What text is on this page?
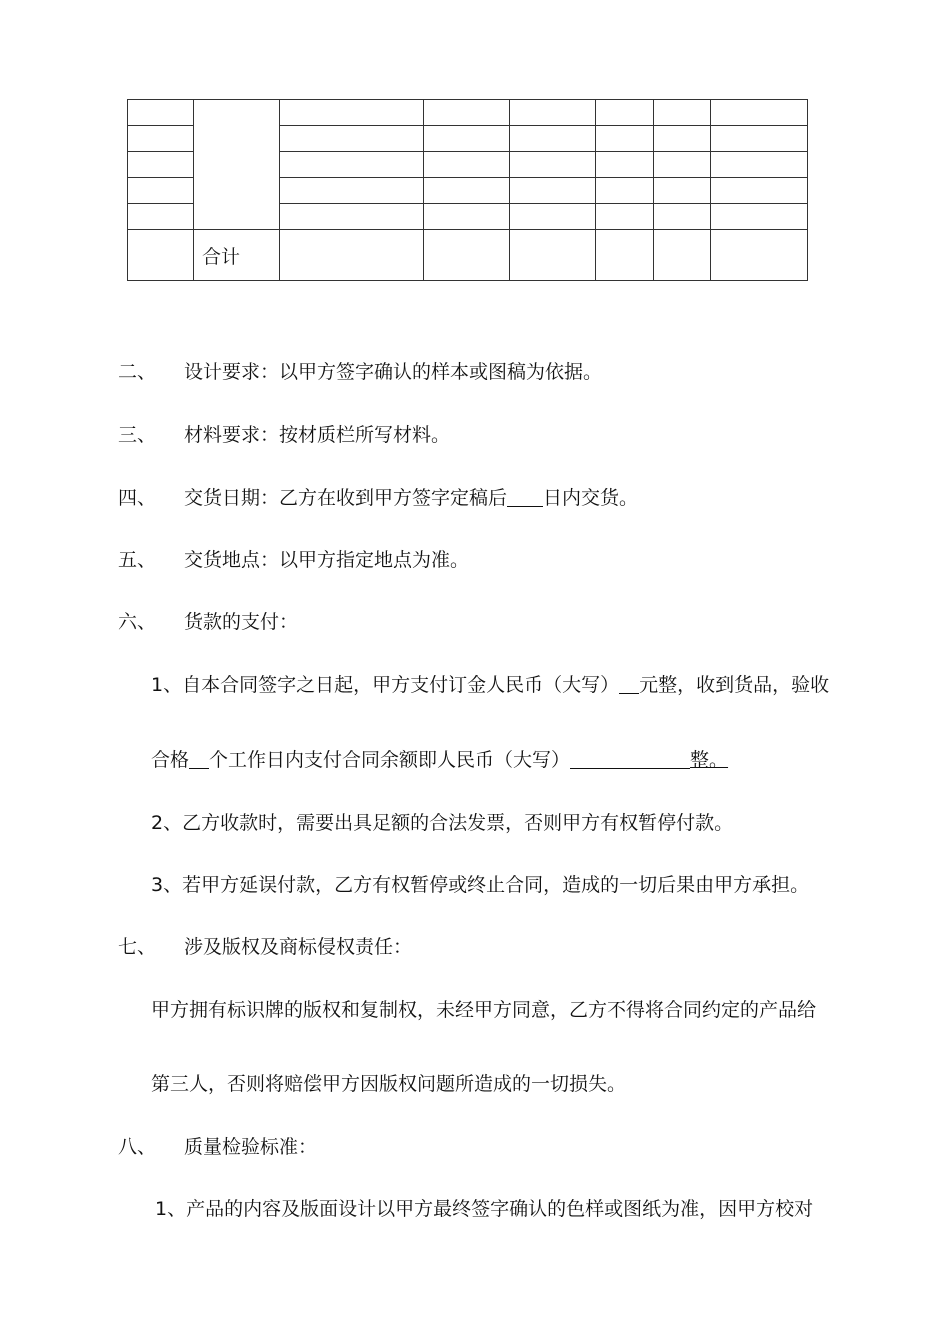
	合计						
二、 设计要求：以甲方签字确认的样本或图稿为依据。
三、 材料要求：按材质栏所写材料。
四、 交货日期：乙方在收到甲方签字定稿后 日内交货。
五、 交货地点：以甲方指定地点为准。
六、 货款的支付：
1、自本合同签字之日起，甲方支付订金人民币（大写） 元整，收到货品，验收
合格 个工作日内支付合同余额即人民币（大写）	整。
2、乙方收款时，需要出具足额的合法发票，否则甲方有权暂停付款。
3、若甲方延误付款，乙方有权暂停或终止合同，造成的一切后果由甲方承担。
七、 涉及版权及商标侵权责任：
甲方拥有标识牌的版权和复制权，未经甲方同意，乙方不得将合同约定的产品给
第三人，否则将赔偿甲方因版权问题所造成的一切损失。
八、 质量检验标准：
1、产品的内容及版面设计以甲方最终签字确认的色样或图纸为准，因甲方校对
